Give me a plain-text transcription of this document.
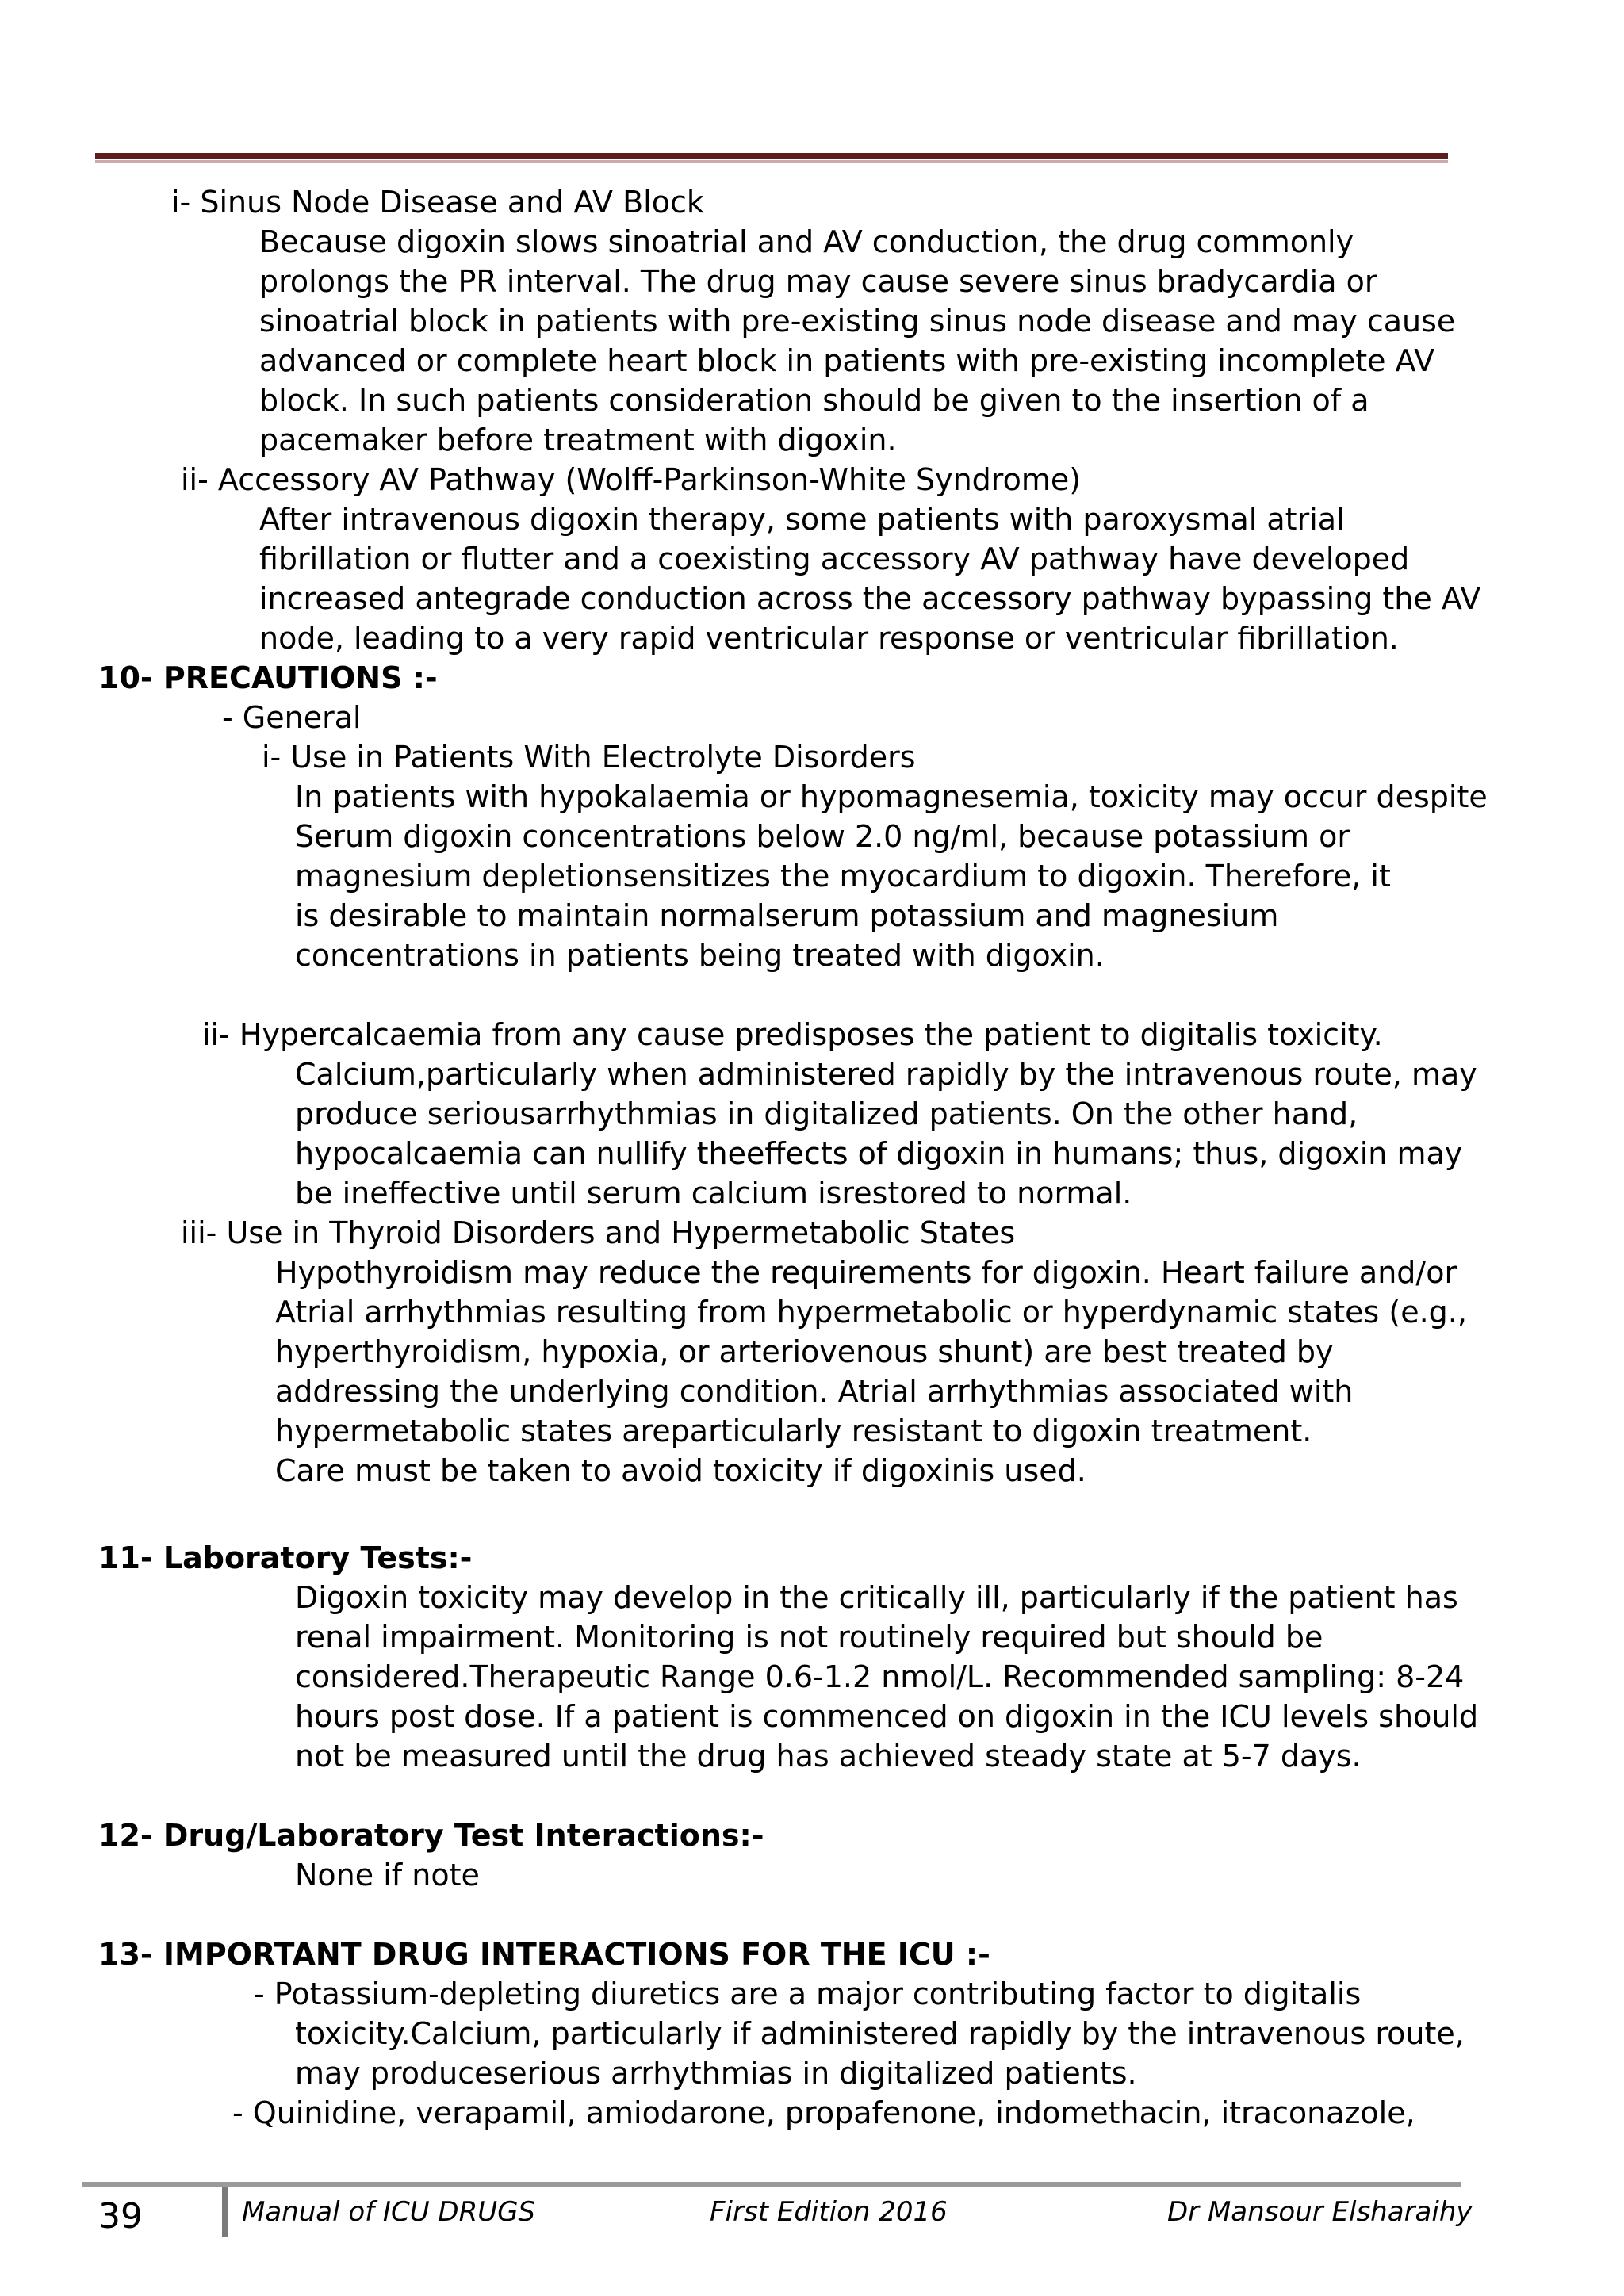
i- Sinus Node Disease and AV Block
Because digoxin slows sinoatrial and AV conduction, the drug commonly
prolongs the PR interval. The drug may cause severe sinus bradycardia or
sinoatrial block in patients with pre-existing sinus node disease and may cause
advanced or complete heart block in patients with pre-existing incomplete AV
block. In such patients consideration should be given to the insertion of a
pacemaker before treatment with digoxin.
ii- Accessory AV Pathway (Wolff-Parkinson-White Syndrome)
After intravenous digoxin therapy, some patients with paroxysmal atrial
fibrillation or flutter and a coexisting accessory AV pathway have developed
increased antegrade conduction across the accessory pathway bypassing the AV
node, leading to a very rapid ventricular response or ventricular fibrillation.
- General
i- Use in Patients With Electrolyte Disorders
In patients with hypokalaemia or hypomagnesemia, toxicity may occur despite
Serum digoxin concentrations below 2.0 ng/ml, because potassium or
magnesium depletionsensitizes the myocardium to digoxin. Therefore, it
is desirable to maintain normalserum potassium and magnesium
concentrations in patients being treated with digoxin.
ii- Hypercalcaemia from any cause predisposes the patient to digitalis toxicity.
Calcium,particularly when administered rapidly by the intravenous route, may
produce seriousarrhythmias in digitalized patients. On the other hand,
hypocalcaemia can nullify theeffects of digoxin in humans; thus, digoxin may
be ineffective until serum calcium isrestored to normal.
iii- Use in Thyroid Disorders and Hypermetabolic States
Hypothyroidism may reduce the requirements for digoxin. Heart failure and/or
Atrial arrhythmias resulting from hypermetabolic or hyperdynamic states (e.g.,
hyperthyroidism, hypoxia, or arteriovenous shunt) are best treated by
addressing the underlying condition. Atrial arrhythmias associated with
hypermetabolic states areparticularly resistant to digoxin treatment.
Care must be taken to avoid toxicity if digoxinis used.
Digoxin toxicity may develop in the critically ill, particularly if the patient has
renal impairment. Monitoring is not routinely required but should be
considered.Therapeutic Range 0.6-1.2 nmol/L. Recommended sampling: 8-24
hours post dose. If a patient is commenced on digoxin in the ICU levels should
not be measured until the drug has achieved steady state at 5-7 days.
None if note
- Potassium-depleting diuretics are a major contributing factor to digitalis
toxicity.Calcium, particularly if administered rapidly by the intravenous route,
may produceserious arrhythmias in digitalized patients.
- Quinidine, verapamil, amiodarone, propafenone, indomethacin, itraconazole,
10- PRECAUTIONS :-
11- Laboratory Tests:-
12- Drug/Laboratory Test Interactions:-
13- IMPORTANT DRUG INTERACTIONS FOR THE ICU :-
39	Manual of ICU DRUGS	First Edition 2016	Dr Mansour Elsharaihy
